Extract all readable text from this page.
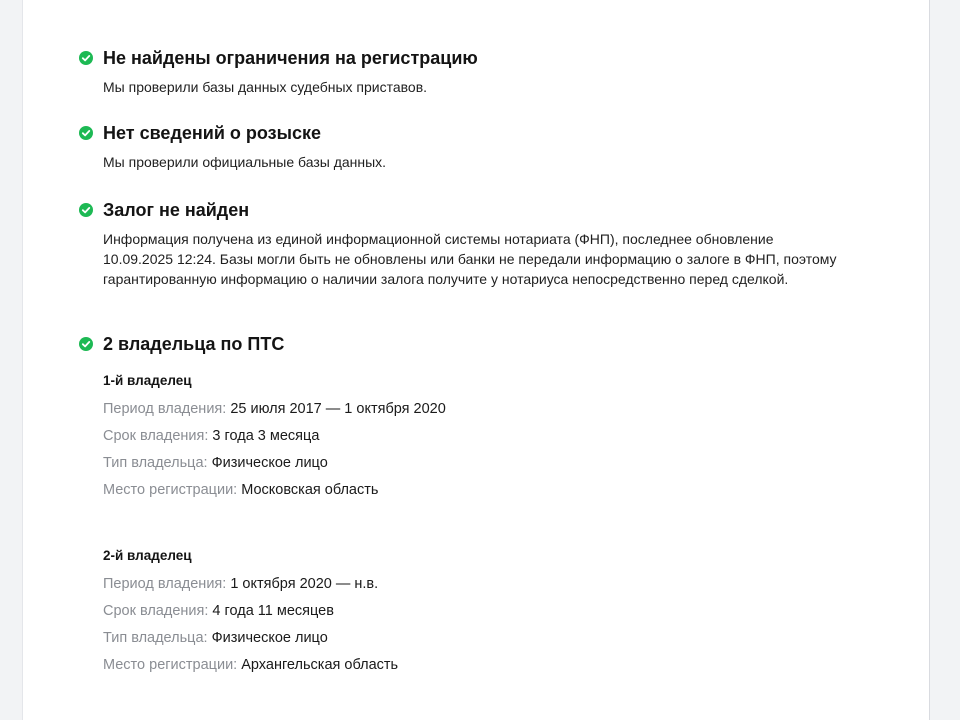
Не найдены ограничения на регистрацию
Мы проверили базы данных судебных приставов.
Нет сведений о розыске
Мы проверили официальные базы данных.
Залог не найден
Информация получена из единой информационной системы нотариата (ФНП), последнее обновление 10.09.2025 12:24. Базы могли быть не обновлены или банки не передали информацию о залоге в ФНП, поэтому гарантированную информацию о наличии залога получите у нотариуса непосредственно перед сделкой.
2 владельца по ПТС
1-й владелец
Период владения: 25 июля 2017 — 1 октября 2020
Срок владения: 3 года 3 месяца
Тип владельца: Физическое лицо
Место регистрации: Московская область
2-й владелец
Период владения: 1 октября 2020 — н.в.
Срок владения: 4 года 11 месяцев
Тип владельца: Физическое лицо
Место регистрации: Архангельская область
